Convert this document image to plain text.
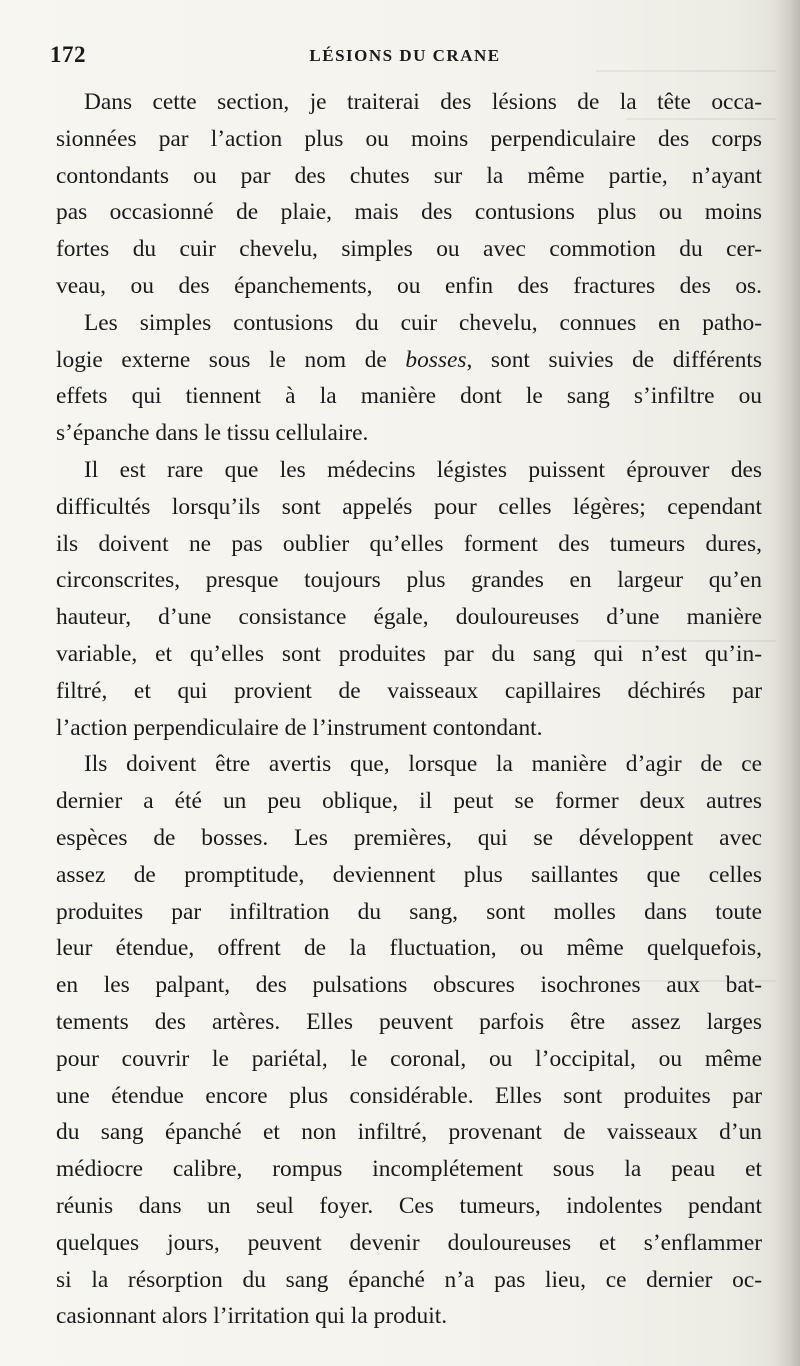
172	LÉSIONS DU CRANE
Dans cette section, je traiterai des lésions de la tête occa-
sionnées par l’action plus ou moins perpendiculaire des corps
contondants ou par des chutes sur la même partie, n’ayant
pas occasionné de plaie, mais des contusions plus ou moins
fortes du cuir chevelu, simples ou avec commotion du cer-
veau, ou des épanchements, ou enfin des fractures des os.
Les simples contusions du cuir chevelu, connues en patho-
logie externe sous le nom de bosses, sont suivies de différents
effets qui tiennent à la manière dont le sang s’infiltre ou
s’épanche dans le tissu cellulaire.
Il est rare que les médecins légistes puissent éprouver des
difficultés lorsqu’ils sont appelés pour celles légères; cependant
ils doivent ne pas oublier qu’elles forment des tumeurs dures,
circonscrites, presque toujours plus grandes en largeur qu’en
hauteur, d’une consistance égale, douloureuses d’une manière
variable, et qu’elles sont produites par du sang qui n’est qu’in-
filtré, et qui provient de vaisseaux capillaires déchirés par
l’action perpendiculaire de l’instrument contondant.
Ils doivent être avertis que, lorsque la manière d’agir de ce
dernier a été un peu oblique, il peut se former deux autres
espèces de bosses. Les premières, qui se développent avec
assez de promptitude, deviennent plus saillantes que celles
produites par infiltration du sang, sont molles dans toute
leur étendue, offrent de la fluctuation, ou même quelquefois,
en les palpant, des pulsations obscures isochrones aux bat-
tements des artères. Elles peuvent parfois être assez larges
pour couvrir le pariétal, le coronal, ou l’occipital, ou même
une étendue encore plus considérable. Elles sont produites par
du sang épanché et non infiltré, provenant de vaisseaux d’un
médiocre calibre, rompus incomplétement sous la peau et
réunis dans un seul foyer. Ces tumeurs, indolentes pendant
quelques jours, peuvent devenir douloureuses et s’enflammer
si la résorption du sang épanché n’a pas lieu, ce dernier oc-
casionnant alors l’irritation qui la produit.
